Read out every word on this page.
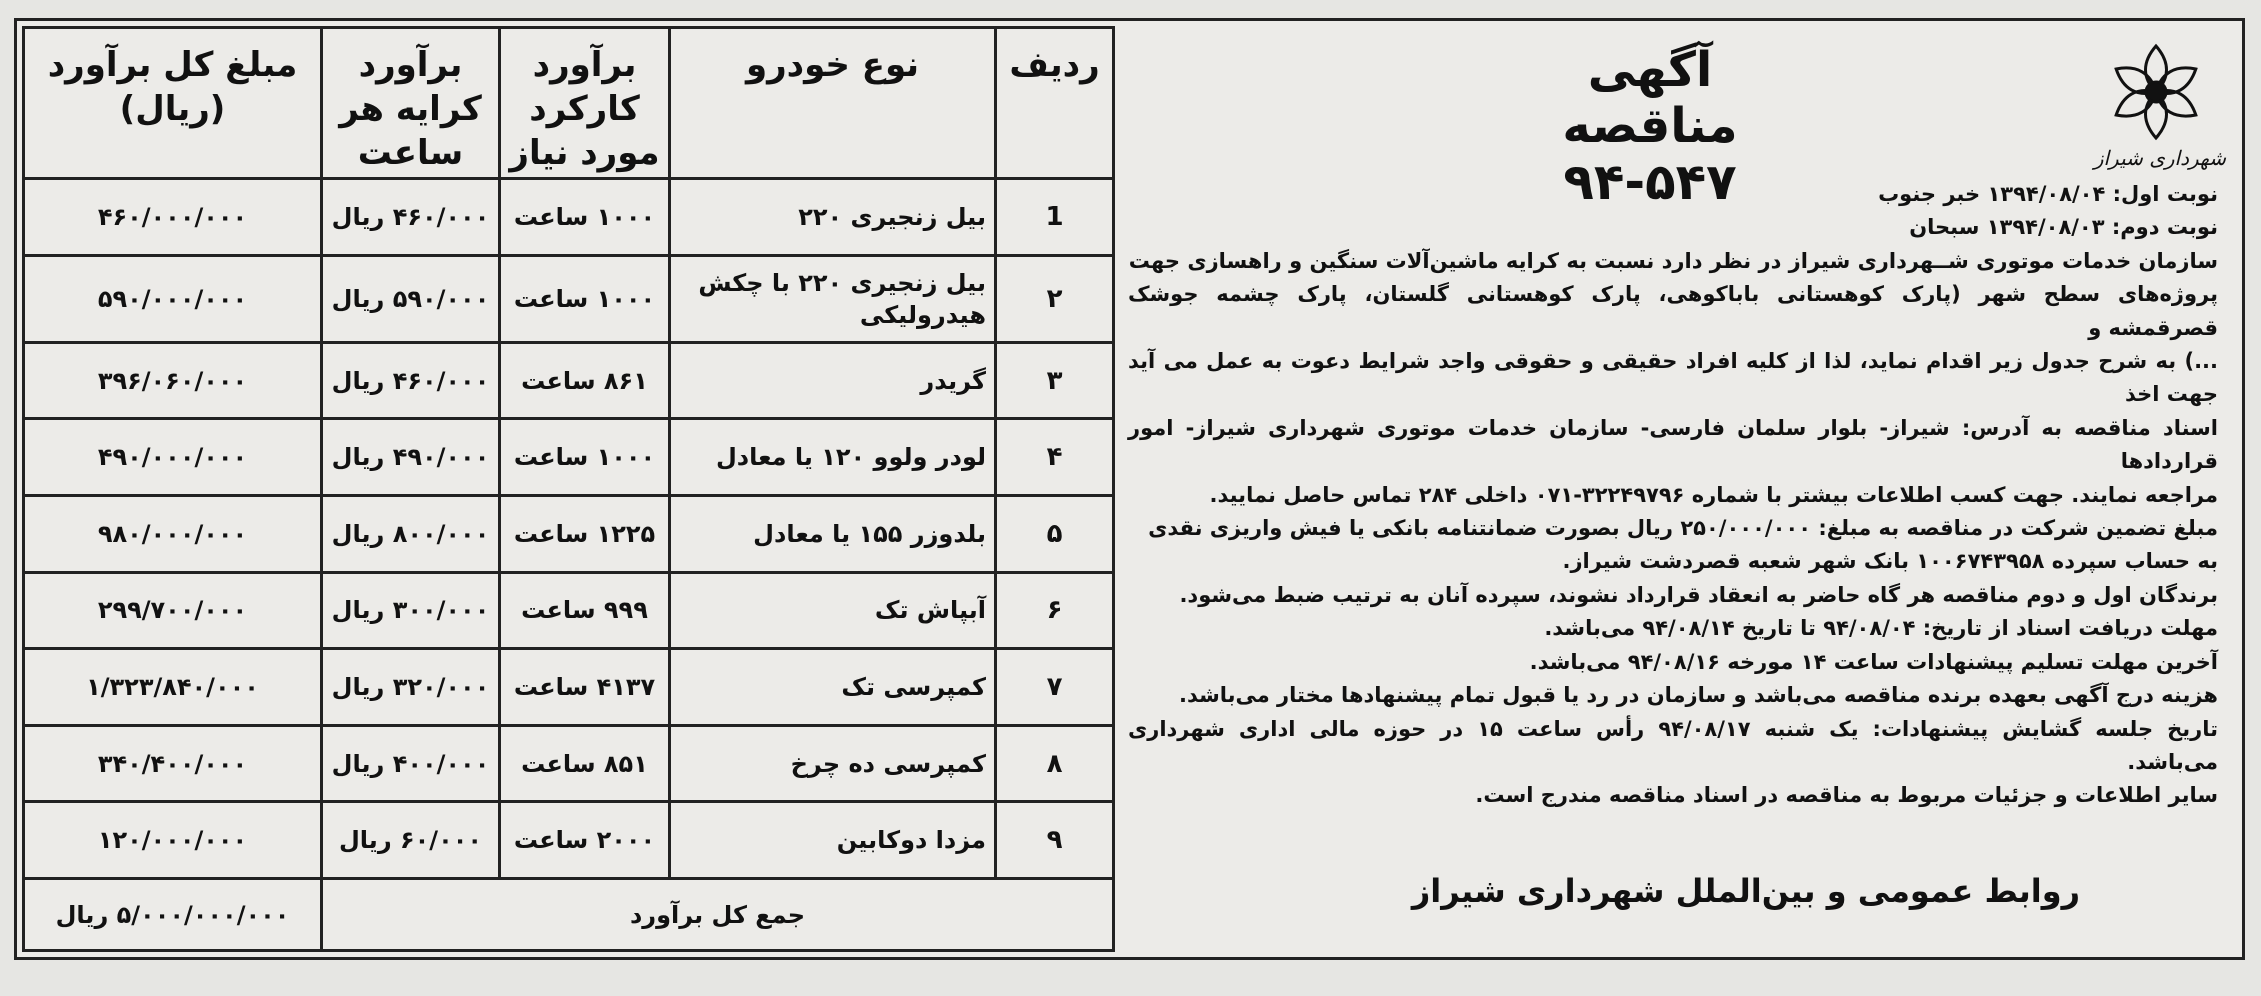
ردیف	نوع خودرو	برآورد کارکرد مورد نیاز	برآورد کرایه هر ساعت	مبلغ کل برآورد (ریال)
1	بیل زنجیری ۲۲۰	۱۰۰۰ ساعت	۴۶۰/۰۰۰ ریال	۴۶۰/۰۰۰/۰۰۰
۲	بیل زنجیری ۲۲۰ با چکش هیدرولیکی	۱۰۰۰ ساعت	۵۹۰/۰۰۰ ریال	۵۹۰/۰۰۰/۰۰۰
۳	گریدر	۸۶۱ ساعت	۴۶۰/۰۰۰ ریال	۳۹۶/۰۶۰/۰۰۰
۴	لودر ولوو ۱۲۰ یا معادل	۱۰۰۰ ساعت	۴۹۰/۰۰۰ ریال	۴۹۰/۰۰۰/۰۰۰
۵	بلدوزر ۱۵۵ یا معادل	۱۲۲۵ ساعت	۸۰۰/۰۰۰ ریال	۹۸۰/۰۰۰/۰۰۰
۶	آبپاش تک	۹۹۹ ساعت	۳۰۰/۰۰۰ ریال	۲۹۹/۷۰۰/۰۰۰
۷	کمپرسی تک	۴۱۳۷ ساعت	۳۲۰/۰۰۰ ریال	۱/۳۲۳/۸۴۰/۰۰۰
۸	کمپرسی ده چرخ	۸۵۱ ساعت	۴۰۰/۰۰۰ ریال	۳۴۰/۴۰۰/۰۰۰
۹	مزدا دوکابین	۲۰۰۰ ساعت	۶۰/۰۰۰ ریال	۱۲۰/۰۰۰/۰۰۰
جمع کل برآورد				۵/۰۰۰/۰۰۰/۰۰۰ ریال
آگهی مناقصه
۹۴-۵۴۷	شهرداری شیراز

نوبت اول: ۱۳۹۴/۰۸/۰۴ خبر جنوب

نوبت دوم: ۱۳۹۴/۰۸/۰۳ سبحان

سازمان خدمات موتوری شــهرداری شیراز در نظر دارد نسبت به کرایه ماشین‌آلات سنگین و راهسازی جهت

پروژه‌های سطح شهر (پارک کوهستانی باباکوهی، پارک کوهستانی گلستان، پارک چشمه جوشک قصرقمشه و

...) به شرح جدول زیر اقدام نماید، لذا از کلیه افراد حقیقی و حقوقی واجد شرایط دعوت به عمل می آید جهت اخذ

اسناد مناقصه به آدرس: شیراز- بلوار سلمان فارسی- سازمان خدمات موتوری شهرداری شیراز- امور قراردادها

مراجعه نمایند. جهت کسب اطلاعات بیشتر با شماره ۳۲۲۴۹۷۹۶-۰۷۱ داخلی ۲۸۴ تماس حاصل نمایید.

مبلغ تضمین شرکت در مناقصه به مبلغ: ۲۵۰/۰۰۰/۰۰۰ ریال بصورت ضمانتنامه بانکی یا فیش واریزی نقدی

به حساب سپرده ۱۰۰۶۷۴۳۹۵۸ بانک شهر شعبه قصردشت شیراز.

برندگان اول و دوم مناقصه هر گاه حاضر به انعقاد قرارداد نشوند، سپرده آنان به ترتیب ضبط می‌شود.

مهلت دریافت اسناد از تاریخ: ۹۴/۰۸/۰۴ تا تاریخ ۹۴/۰۸/۱۴ می‌باشد.

آخرین مهلت تسلیم پیشنهادات ساعت ۱۴ مورخه ۹۴/۰۸/۱۶ می‌باشد.

هزینه درج آگهی بعهده برنده مناقصه می‌باشد و سازمان در رد یا قبول تمام پیشنهادها مختار می‌باشد.

تاریخ جلسه گشایش پیشنهادات: یک شنبه ۹۴/۰۸/۱۷ رأس ساعت ۱۵ در حوزه مالی اداری شهرداری می‌باشد.

سایر اطلاعات و جزئیات مربوط به مناقصه در اسناد مناقصه مندرج است.

روابط عمومی و بین‌الملل شهرداری شیراز
